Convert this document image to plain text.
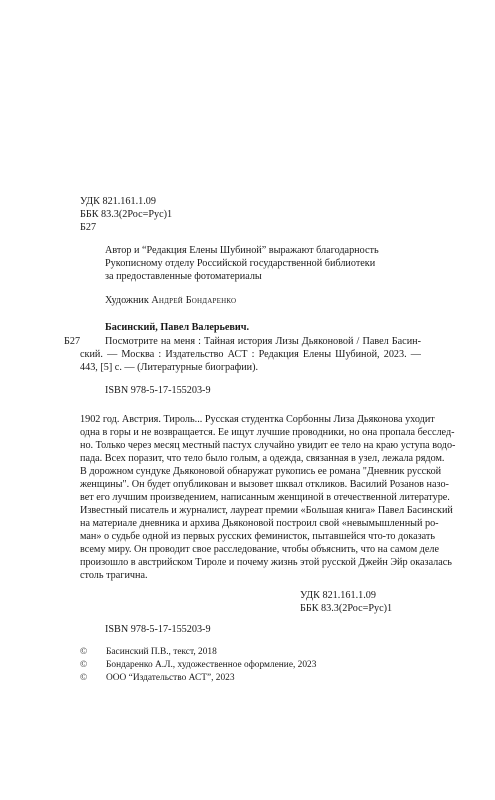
УДК 821.161.1.09
ББК 83.3(2Рос=Рус)1
Б27
Автор и “Редакция Елены Шубиной” выражают благодарность
Рукописному отделу Российской государственной библиотеки
за предоставленные фотоматериалы
Художник Андрей Бондаренко
Басинский, Павел Валерьевич.
Б27 Посмотрите на меня : Тайная история Лизы Дьяконовой / Павел Басин-
ский. — Москва : Издательство АСТ : Редакция Елены Шубиной, 2023. —
443, [5] с. — (Литературные биографии).
ISBN 978-5-17-155203-9
1902 год. Австрия. Тироль... Русская студентка Сорбонны Лиза Дьяконова уходит
одна в горы и не возвращается. Ее ищут лучшие проводники, но она пропала бесслед-
но. Только через месяц местный пастух случайно увидит ее тело на краю уступа водо-
пада. Всех поразит, что тело было голым, а одежда, связанная в узел, лежала рядом.
В дорожном сундуке Дьяконовой обнаружат рукопись ее романа "Дневник русской
женщины". Он будет опубликован и вызовет шквал откликов. Василий Розанов назо-
вет его лучшим произведением, написанным женщиной в отечественной литературе.
Известный писатель и журналист, лауреат премии «Большая книга» Павел Басинский
на материале дневника и архива Дьяконовой построил свой «невымышленный ро-
ман» о судьбе одной из первых русских феминисток, пытавшейся что-то доказать
всему миру. Он проводит свое расследование, чтобы объяснить, что на самом деле
произошло в австрийском Тироле и почему жизнь этой русской Джейн Эйр оказалась
столь трагична.
УДК 821.161.1.09
ББК 83.3(2Рос=Рус)1
ISBN 978-5-17-155203-9
© Басинский П.В., текст, 2018
© Бондаренко А.Л., художественное оформление, 2023
© ООО “Издательство АСТ”, 2023
